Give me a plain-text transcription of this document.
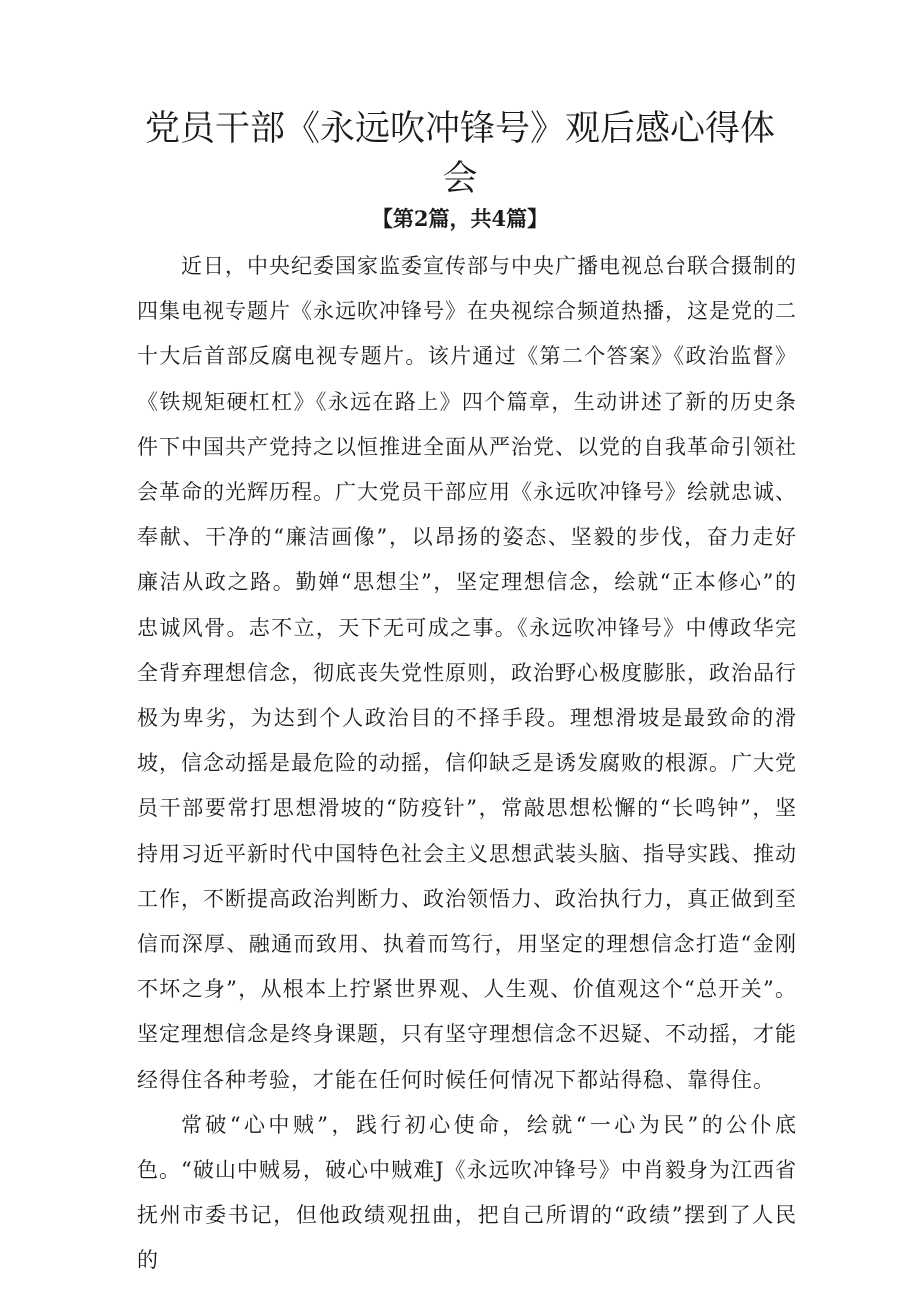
党员干部《永远吹冲锋号》观后感心得体会
【第2篇，共4篇】

近日，中央纪委国家监委宣传部与中央广播电视总台联合摄制的四集电视专题片《永远吹冲锋号》在央视综合频道热播，这是党的二十大后首部反腐电视专题片。该片通过《第二个答案》《政治监督》《铁规矩硬杠杠》《永远在路上》四个篇章，生动讲述了新的历史条件下中国共产党持之以恒推进全面从严治党、以党的自我革命引领社会革命的光辉历程。广大党员干部应用《永远吹冲锋号》绘就忠诚、奉献、干净的“廉洁画像”，以昂扬的姿态、坚毅的步伐，奋力走好廉洁从政之路。勤婵“思想尘”，坚定理想信念，绘就“正本修心”的忠诚风骨。志不立，天下无可成之事。《永远吹冲锋号》中傅政华完全背弃理想信念，彻底丧失党性原则，政治野心极度膨胀，政治品行极为卑劣，为达到个人政治目的不择手段。理想滑坡是最致命的滑坡，信念动摇是最危险的动摇，信仰缺乏是诱发腐败的根源。广大党员干部要常打思想滑坡的“防疫针”，常敲思想松懈的“长鸣钟”，坚持用习近平新时代中国特色社会主义思想武装头脑、指导实践、推动工作，不断提高政治判断力、政治领悟力、政治执行力，真正做到至信而深厚、融通而致用、执着而笃行，用坚定的理想信念打造“金刚不坏之身”，从根本上拧紧世界观、人生观、价值观这个“总开关”。坚定理想信念是终身课题，只有坚守理想信念不迟疑、不动摇，才能经得住各种考验，才能在任何时候任何情况下都站得稳、靠得住。

常破“心中贼”，践行初心使命，绘就“一心为民”的公仆底色。“破山中贼易，破心中贼难J《永远吹冲锋号》中肖毅身为江西省抚州市委书记，但他政绩观扭曲，把自己所谓的“政绩”摆到了人民的
